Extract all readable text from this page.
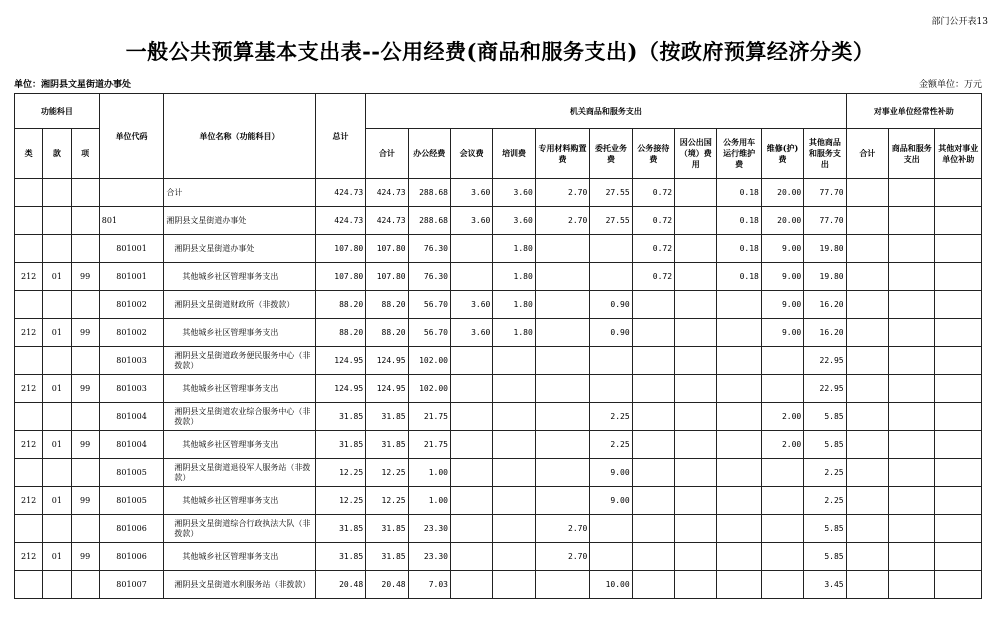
部门公开表13
一般公共预算基本支出表--公用经费(商品和服务支出)（按政府预算经济分类）
单位：湘阴县文星街道办事处	金额单位：万元
功能科目			单位代码	单位名称（功能科目）	总计	机关商品和服务支出											对事业单位经常性补助		
类	款	项				合计	办公经费	会议费	培训费	专用材料购置费	委托业务费	公务接待费	因公出国（境）费用	公务用车运行维护费	维修(护)费	其他商品和服务支出	合计	商品和服务支出	其他对事业单位补助
				合计	424.73	424.73	288.68	3.60	3.60	2.70	27.55	0.72		0.18	20.00	77.70			
			801	湘阴县文星街道办事处	424.73	424.73	288.68	3.60	3.60	2.70	27.55	0.72		0.18	20.00	77.70			
			801001	湘阴县文星街道办事处	107.80	107.80	76.30		1.80			0.72		0.18	9.00	19.80			
212	01	99	801001	其他城乡社区管理事务支出	107.80	107.80	76.30		1.80			0.72		0.18	9.00	19.80			
			801002	湘阴县文星街道财政所（非拨款）	88.20	88.20	56.70	3.60	1.80		0.90				9.00	16.20			
212	01	99	801002	其他城乡社区管理事务支出	88.20	88.20	56.70	3.60	1.80		0.90				9.00	16.20			
			801003	湘阴县文星街道政务便民服务中心（非拨款）	124.95	124.95	102.00									22.95			
212	01	99	801003	其他城乡社区管理事务支出	124.95	124.95	102.00									22.95			
			801004	湘阴县文星街道农业综合服务中心（非拨款）	31.85	31.85	21.75				2.25				2.00	5.85			
212	01	99	801004	其他城乡社区管理事务支出	31.85	31.85	21.75				2.25				2.00	5.85			
			801005	湘阴县文星街道退役军人服务站（非拨款）	12.25	12.25	1.00				9.00					2.25			
212	01	99	801005	其他城乡社区管理事务支出	12.25	12.25	1.00				9.00					2.25			
			801006	湘阴县文星街道综合行政执法大队（非拨款）	31.85	31.85	23.30			2.70						5.85			
212	01	99	801006	其他城乡社区管理事务支出	31.85	31.85	23.30			2.70						5.85			
			801007	湘阴县文星街道水利服务站（非拨款）	20.48	20.48	7.03				10.00					3.45			
